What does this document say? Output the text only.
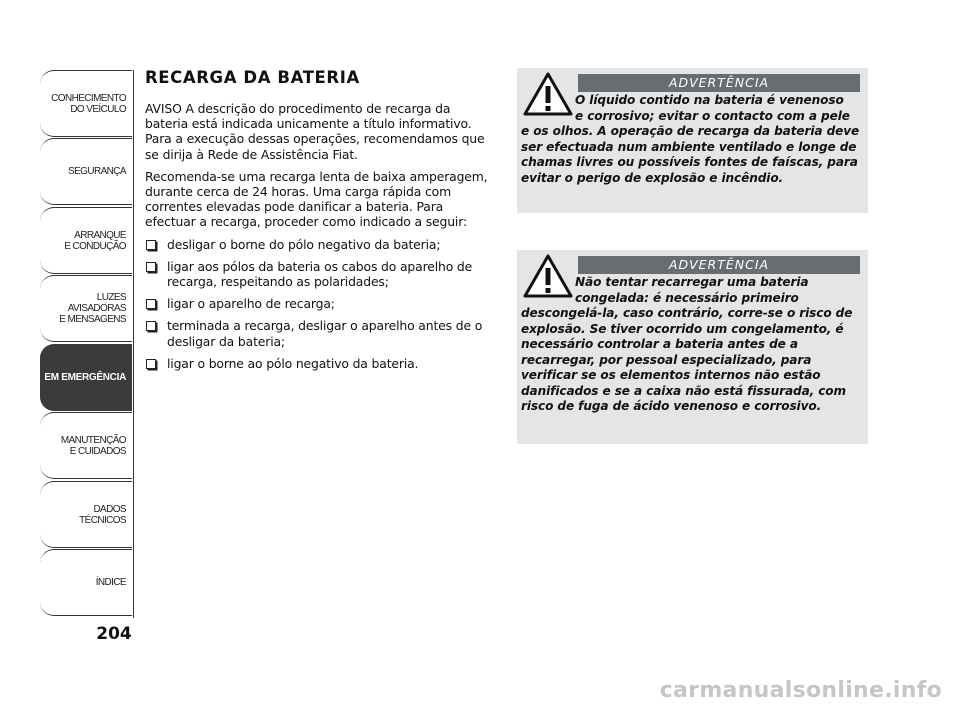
CONHECIMENTO
DO VEÍCULO
SEGURANÇA
ARRANQUE
E CONDUÇÃO
LUZES
AVISADORAS
E MENSAGENS
EM EMERGÊNCIA
MANUTENÇÃO
E CUIDADOS
DADOS
TÉCNICOS
ÍNDICE
204
RECARGA DA BATERIA

AVISO A descrição do procedimento de recarga da bateria está indicada unicamente a título informativo. Para a execução dessas operações, recomendamos que se dirija à Rede de Assistência Fiat.

Recomenda-se uma recarga lenta de baixa amperagem, durante cerca de 24 horas. Uma carga rápida com correntes elevadas pode danificar a bateria. Para efectuar a recarga, proceder como indicado a seguir:

desligar o borne do pólo negativo da bateria;
ligar aos pólos da bateria os cabos do aparelho de recarga, respeitando as polaridades;
ligar o aparelho de recarga;
terminada a recarga, desligar o aparelho antes de o desligar da bateria;
ligar o borne ao pólo negativo da bateria.
ADVERTÊNCIA
O líquido contido na bateria é venenoso
e corrosivo; evitar o contacto com a pele
e os olhos. A operação de recarga da bateria deve ser efectuada num ambiente ventilado e longe de chamas livres ou possíveis fontes de faíscas, para evitar o perigo de explosão e incêndio.
ADVERTÊNCIA
Não tentar recarregar uma bateria
congelada: é necessário primeiro
descongelá-la, caso contrário, corre-se o risco de explosão. Se tiver ocorrido um congelamento, é necessário controlar a bateria antes de a recarregar, por pessoal especializado, para verificar se os elementos internos não estão danificados e se a caixa não está fissurada, com risco de fuga de ácido venenoso e corrosivo.
carmanualsonline.info
